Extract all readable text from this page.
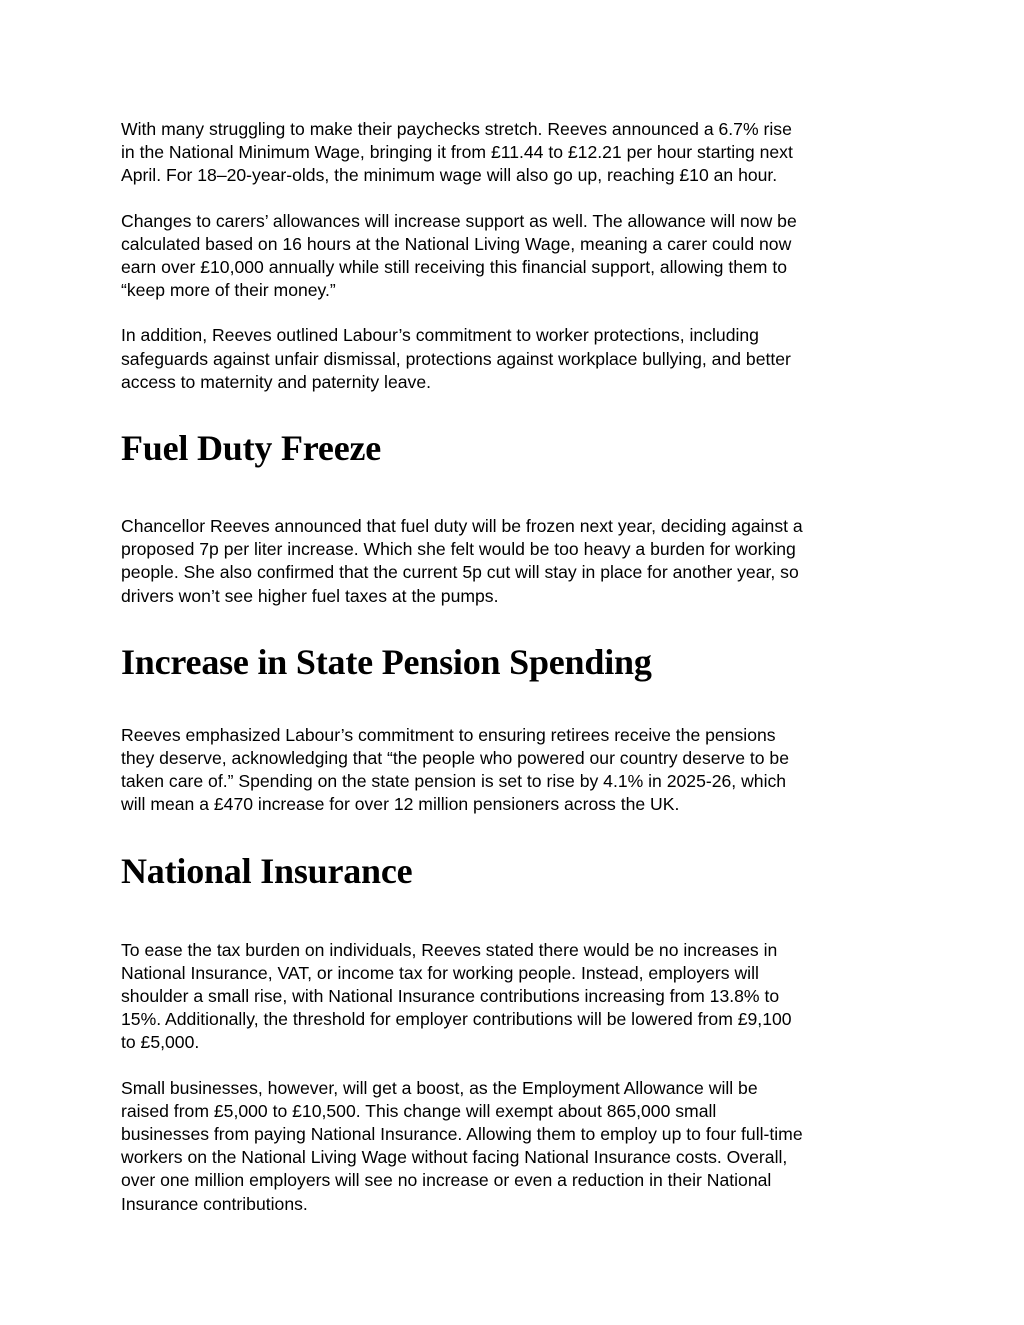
With many struggling to make their paychecks stretch. Reeves announced a 6.7% rise
in the National Minimum Wage, bringing it from £11.44 to £12.21 per hour starting next
April. For 18–20-year-olds, the minimum wage will also go up, reaching £10 an hour.

Changes to carers’ allowances will increase support as well. The allowance will now be
calculated based on 16 hours at the National Living Wage, meaning a carer could now
earn over £10,000 annually while still receiving this financial support, allowing them to
“keep more of their money.”

In addition, Reeves outlined Labour’s commitment to worker protections, including
safeguards against unfair dismissal, protections against workplace bullying, and better
access to maternity and paternity leave.

Fuel Duty Freeze

Chancellor Reeves announced that fuel duty will be frozen next year, deciding against a
proposed 7p per liter increase. Which she felt would be too heavy a burden for working
people. She also confirmed that the current 5p cut will stay in place for another year, so
drivers won’t see higher fuel taxes at the pumps.

Increase in State Pension Spending

Reeves emphasized Labour’s commitment to ensuring retirees receive the pensions
they deserve, acknowledging that “the people who powered our country deserve to be
taken care of.” Spending on the state pension is set to rise by 4.1% in 2025-26, which
will mean a £470 increase for over 12 million pensioners across the UK.

National Insurance

To ease the tax burden on individuals, Reeves stated there would be no increases in
National Insurance, VAT, or income tax for working people. Instead, employers will
shoulder a small rise, with National Insurance contributions increasing from 13.8% to
15%. Additionally, the threshold for employer contributions will be lowered from £9,100
to £5,000.

Small businesses, however, will get a boost, as the Employment Allowance will be
raised from £5,000 to £10,500. This change will exempt about 865,000 small
businesses from paying National Insurance. Allowing them to employ up to four full-time
workers on the National Living Wage without facing National Insurance costs. Overall,
over one million employers will see no increase or even a reduction in their National
Insurance contributions.
